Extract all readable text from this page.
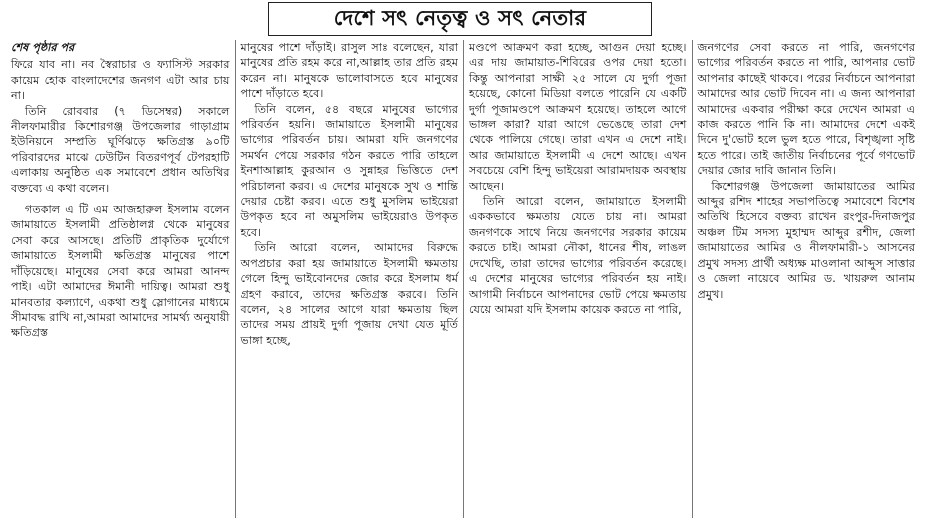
দেশে সৎ নেতৃত্ব ও সৎ নেতার

শেষ পৃষ্ঠার পর

ফিরে যাব না। নব স্বৈরাচার ও ফ্যাসিস্ট সরকার কায়েম হোক বাংলাদেশের জনগণ এটা আর চায় না।

তিনি রোববার (৭ ডিসেম্বর) সকালে নীলফামারীর কিশোরগঞ্জ উপজেলার গাড়াগ্রাম ইউনিয়নে সম্প্রতি ঘূর্ণিঝড়ে ক্ষতিগ্রস্ত ৯০টি পরিবারদের মাঝে ঢেউটিন বিতরণপূর্ব টেপরহাটি এলাকায় অনুষ্ঠিত এক সমাবেশে প্রধান অতিথির বক্তব্যে এ কথা বলেন।

গতকাল এ টি এম আজহারুল ইসলাম বলেন জামায়াতে ইসলামী প্রতিষ্ঠালগ্ন থেকে মানুষের সেবা করে আসছে। প্রতিটি প্রাকৃতিক দুর্যোগে জামায়াতে ইসলামী ক্ষতিগ্রস্ত মানুষের পাশে দাঁড়িয়েছে। মানুষের সেবা করে আমরা আনন্দ পাই। এটা আমাদের ঈমানী দায়িত্ব। আমরা শুধু মানবতার কল্যাণে, একথা শুধু স্লোগানের মাধ্যমে সীমাবদ্ধ রাখি না,আমরা আমাদের সামর্থ্য অনুযায়ী ক্ষতিগ্রস্ত

মানুষের পাশে দাঁড়াই। রাসুল সাঃ বলেছেন, যারা মানুষের প্রতি রহম করে না,আল্লাহ তার প্রতি রহম করেন না। মানুষকে ভালোবাসতে হবে মানুষের পাশে দাঁড়াতে হবে।

তিনি বলেন, ৫৪ বছরে মানুষের ভাগ্যের পরিবর্তন হয়নি। জামায়াতে ইসলামী মানুষের ভাগ্যের পরিবর্তন চায়। আমরা যদি জনগণের সমর্থন পেয়ে সরকার গঠন করতে পারি তাহলে ইনশাআল্লাহ কুরআন ও সুন্নাহর ভিত্তিতে দেশ পরিচালনা করব। এ দেশের মানুষকে সুখ ও শান্তি দেয়ার চেষ্টা করব। এতে শুধু মুসলিম ভাইয়েরা উপকৃত হবে না অমুসলিম ভাইয়েরাও উপকৃত হবে।

তিনি আরো বলেন, আমাদের বিরুদ্ধে অপপ্রচার করা হয় জামায়াতে ইসলামী ক্ষমতায় গেলে হিন্দু ভাইবোনদের জোর করে ইসলাম ধর্ম গ্রহণ করাবে, তাদের ক্ষতিগ্রস্ত করবে। তিনি বলেন, ২৪ সালের আগে যারা ক্ষমতায় ছিল তাদের সময় প্রায়ই দুর্গা পূজায় দেখা যেত মূর্তি ভাঙ্গা হচ্ছে,

মণ্ডপে আক্রমণ করা হচ্ছে, আগুন দেয়া হচ্ছে। এর দায় জামায়াত-শিবিরের ওপর দেয়া হতো। কিন্তু আপনারা সাক্ষী ২৫ সালে যে দুর্গা পূজা হয়েছে, কোনো মিডিয়া বলতে পারেনি যে একটি দুর্গা পূজামণ্ডপে আক্রমণ হয়েছে। তাহলে আগে ভাঙ্গল কারা? যারা আগে ভেঙেছে তারা দেশ থেকে পালিয়ে গেছে। তারা এখন এ দেশে নাই। আর জামায়াতে ইসলামী এ দেশে আছে। এখন সবচেয়ে বেশি হিন্দু ভাইয়েরা আরামদায়ক অবস্থায় আছেন।

তিনি আরো বলেন, জামায়াতে ইসলামী এককভাবে ক্ষমতায় যেতে চায় না। আমরা জনগণকে সাথে নিয়ে জনগণের সরকার কায়েম করতে চাই। আমরা নৌকা, ধানের শীষ, লাঙল দেখেছি, তারা তাদের ভাগ্যের পরিবর্তন করেছে। এ দেশের মানুষের ভাগ্যের পরিবর্তন হয় নাই। আগামী নির্বাচনে আপনাদের ভোট পেয়ে ক্ষমতায় যেয়ে আমরা যদি ইসলাম কায়েক করতে না পারি,

জনগণের সেবা করতে না পারি, জনগণের ভাগ্যের পরিবর্তন করতে না পারি, আপনার ভোট আপনার কাছেই থাকবে। পরের নির্বাচনে আপনারা আমাদের আর ভোট দিবেন না। এ জন্য আপনারা আমাদের একবার পরীক্ষা করে দেখেন আমরা এ কাজ করতে পানি কি না। আমাদের দেশে একই দিনে দু'ভোট হলে ভুল হতে পারে, বিশৃঙ্খলা সৃষ্টি হতে পারে। তাই জাতীয় নির্বাচনের পূর্বে গণভোট দেয়ার জোর দাবি জানান তিনি।

কিশোরগঞ্জ উপজেলা জামায়াতের আমির আব্দুর রশিদ শাহের সভাপতিত্বে সমাবেশে বিশেষ অতিথি হিসেবে বক্তব্য রাখেন রংপুর-দিনাজপুর অঞ্চল টিম সদস্য মুহাম্মদ আব্দুর রশীদ, জেলা জামায়াতের আমির ও নীলফামারী-১ আসনের প্রমুখ সদস্য প্রার্থী অধ্যক্ষ মাওলানা আব্দুস সাত্তার ও জেলা নায়েবে আমির ড. খায়রুল আনাম প্রমুখ।
